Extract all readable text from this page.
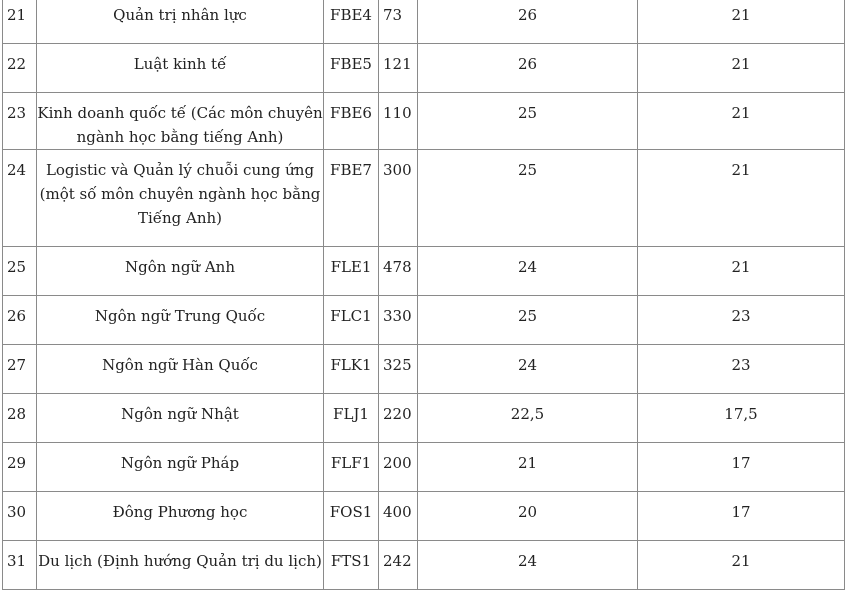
21	Quản trị nhân lực	FBE4	73	26	21
22	Luật kinh tế	FBE5	121	26	21
23	Kinh doanh quốc tế (Các môn chuyên ngành học bằng tiếng Anh)	FBE6	110	25	21
24	Logistic và Quản lý chuỗi cung ứng (một số môn chuyên ngành học bằng Tiếng Anh)	FBE7	300	25	21
25	Ngôn ngữ Anh	FLE1	478	24	21
26	Ngôn ngữ Trung Quốc	FLC1	330	25	23
27	Ngôn ngữ Hàn Quốc	FLK1	325	24	23
28	Ngôn ngữ Nhật	FLJ1	220	22,5	17,5
29	Ngôn ngữ Pháp	FLF1	200	21	17
30	Đông Phương học	FOS1	400	20	17
31	Du lịch (Định hướng Quản trị du lịch)	FTS1	242	24	21
